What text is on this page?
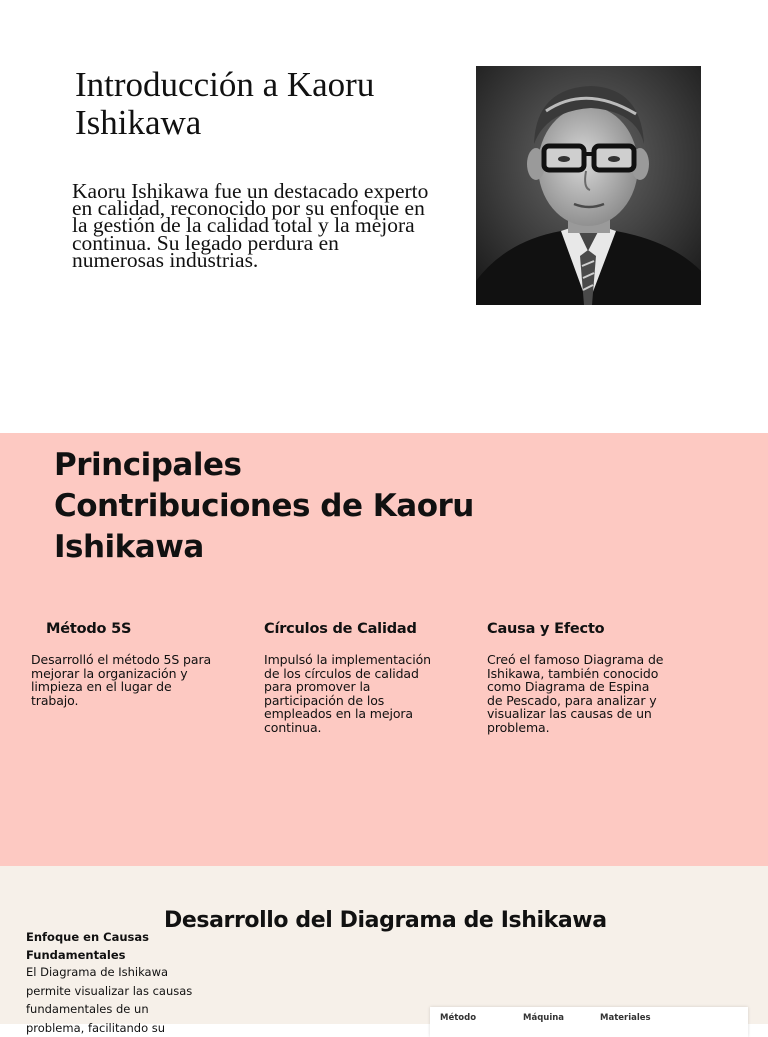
Introducción a Kaoru Ishikawa

Kaoru Ishikawa fue un destacado experto en calidad, reconocido por su enfoque en la gestión de la calidad total y la mejora continua. Su legado perdura en numerosas industrias.

Principales Contribuciones de Kaoru Ishikawa
Método 5S

Desarrolló el método 5S para mejorar la organización y limpieza en el lugar de trabajo.

Círculos de Calidad

Impulsó la implementación de los círculos de calidad para promover la participación de los empleados en la mejora continua.

Causa y Efecto

Creó el famoso Diagrama de Ishikawa, también conocido como Diagrama de Espina de Pescado, para analizar y visualizar las causas de un problema.

Enfoque en Causas Fundamentales

El Diagrama de Ishikawa permite visualizar las causas fundamentales de un problema, facilitando su

Desarrollo del Diagrama de Ishikawa
Método	Máquina	Materiales
